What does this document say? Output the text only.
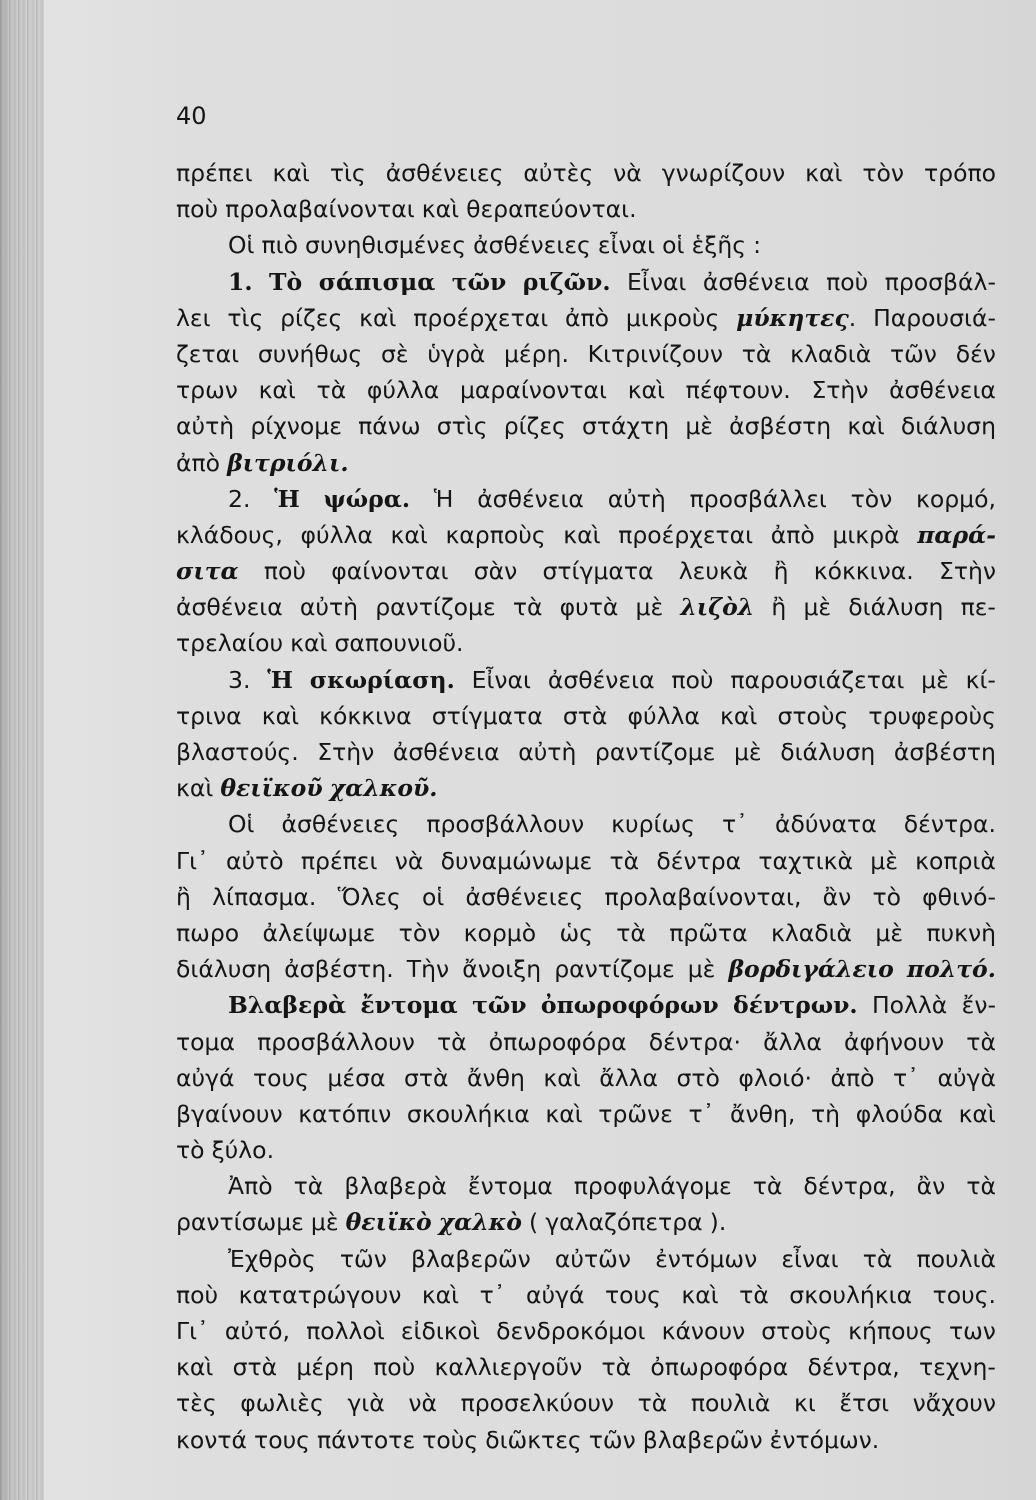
40
πρέπει καὶ τὶς ἀσθένειες αὐτὲς νὰ γνωρίζουν καὶ τὸν τρόπο
ποὺ προλαβαίνονται καὶ θεραπεύονται.
Οἱ πιὸ συνηθισμένες ἀσθένειες εἶναι οἱ ἑξῆς :
1. Τὸ σάπισμα τῶν ριζῶν. Εἶναι ἀσθένεια ποὺ προσβάλ-
λει τὶς ρίζες καὶ προέρχεται ἀπὸ μικροὺς μύκητες. Παρουσιά-
ζεται συνήθως σὲ ὑγρὰ μέρη. Κιτρινίζουν τὰ κλαδιὰ τῶν δέν
τρων καὶ τὰ φύλλα μαραίνονται καὶ πέφτουν. Στὴν ἀσθένεια
αὐτὴ ρίχνομε πάνω στὶς ρίζες στάχτη μὲ ἀσβέστη καὶ διάλυση
ἀπὸ βιτριόλι.
2. Ἡ ψώρα. Ἡ ἀσθένεια αὐτὴ προσβάλλει τὸν κορμό,
κλάδους, φύλλα καὶ καρποὺς καὶ προέρχεται ἀπὸ μικρὰ παρά-
σιτα ποὺ φαίνονται σὰν στίγματα λευκὰ ἢ κόκκινα. Στὴν
ἀσθένεια αὐτὴ ραντίζομε τὰ φυτὰ μὲ λιζὸλ ἢ μὲ διάλυση πε-
τρελαίου καὶ σαπουνιοῦ.
3. Ἡ σκωρίαση. Εἶναι ἀσθένεια ποὺ παρουσιάζεται μὲ κί-
τρινα καὶ κόκκινα στίγματα στὰ φύλλα καὶ στοὺς τρυφεροὺς
βλαστούς. Στὴν ἀσθένεια αὐτὴ ραντίζομε μὲ διάλυση ἀσβέστη
καὶ θειϊκοῦ χαλκοῦ.
Οἱ ἀσθένειες προσβάλλουν κυρίως τ᾿ ἀδύνατα δέντρα.
Γι᾿ αὐτὸ πρέπει νὰ δυναμώνωμε τὰ δέντρα ταχτικὰ μὲ κοπριὰ
ἢ λίπασμα. Ὅλες οἱ ἀσθένειες προλαβαίνονται, ἂν τὸ φθινό-
πωρο ἀλείψωμε τὸν κορμὸ ὡς τὰ πρῶτα κλαδιὰ μὲ πυκνὴ
διάλυση ἀσβέστη. Τὴν ἄνοιξη ραντίζομε μὲ βορδιγάλειο πολτό.
Βλαβερὰ ἔντομα τῶν ὀπωροφόρων δέντρων. Πολλὰ ἔν-
τομα προσβάλλουν τὰ ὀπωροφόρα δέντρα· ἄλλα ἀφήνουν τὰ
αὐγά τους μέσα στὰ ἄνθη καὶ ἄλλα στὸ φλοιό· ἀπὸ τ᾿ αὐγὰ
βγαίνουν κατόπιν σκουλήκια καὶ τρῶνε τ᾿ ἄνθη, τὴ φλούδα καὶ
τὸ ξύλο.
Ἀπὸ τὰ βλαβερὰ ἔντομα προφυλάγομε τὰ δέντρα, ἂν τὰ
ραντίσωμε μὲ θειϊκὸ χαλκὸ ( γαλαζόπετρα ).
Ἐχθρὸς τῶν βλαβερῶν αὐτῶν ἐντόμων εἶναι τὰ πουλιὰ
ποὺ κατατρώγουν καὶ τ᾿ αὐγά τους καὶ τὰ σκουλήκια τους.
Γι᾿ αὐτό, πολλοὶ εἰδικοὶ δενδροκόμοι κάνουν στοὺς κήπους των
καὶ στὰ μέρη ποὺ καλλιεργοῦν τὰ ὀπωροφόρα δέντρα, τεχνη-
τὲς φωλιὲς γιὰ νὰ προσελκύουν τὰ πουλιὰ κι ἔτσι νἄχουν
κοντά τους πάντοτε τοὺς διῶκτες τῶν βλαβερῶν ἐντόμων.
